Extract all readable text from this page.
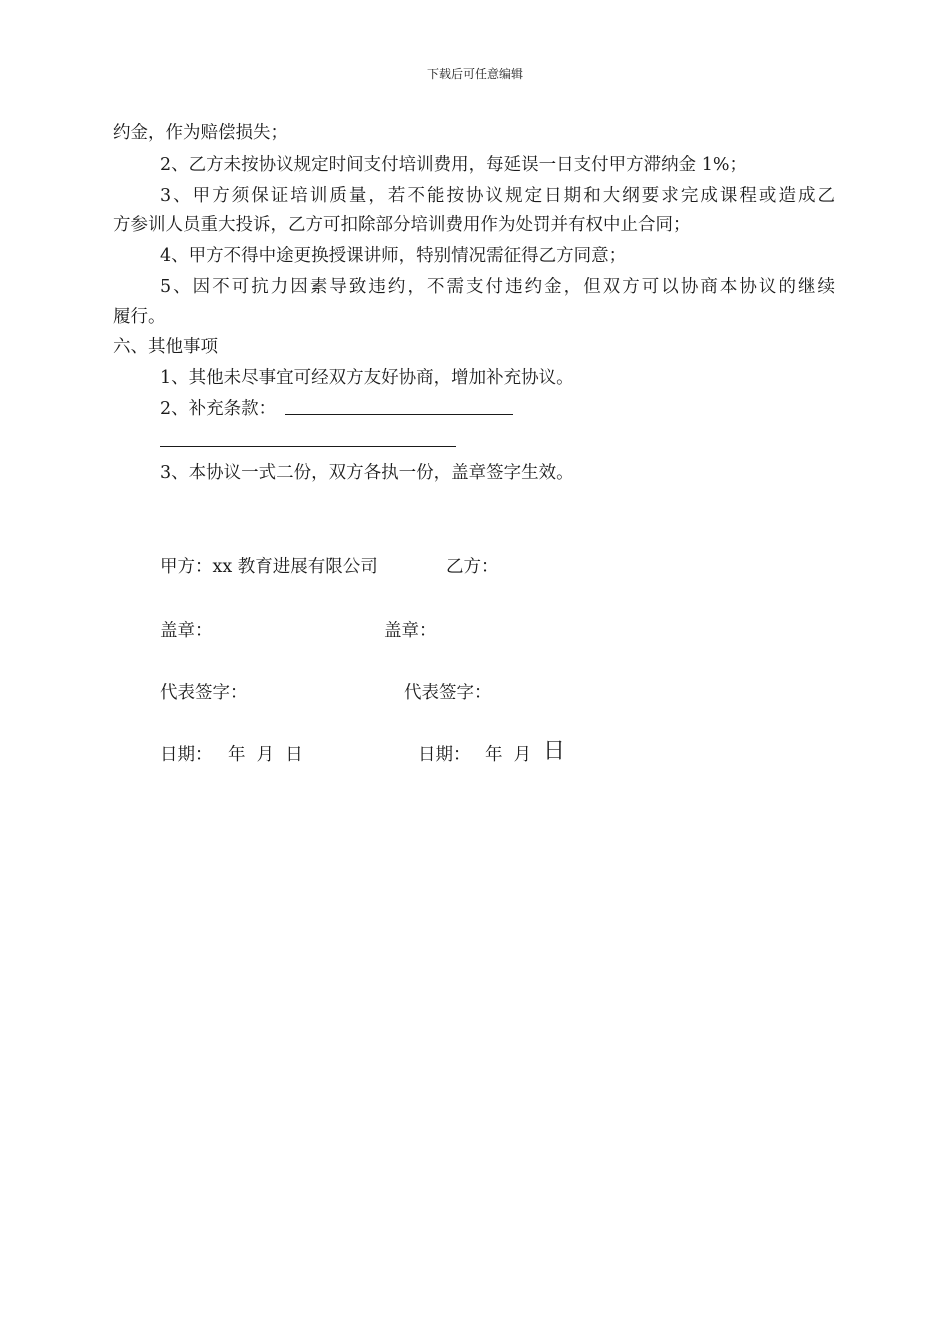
下载后可任意编辑
约金，作为赔偿损失；
2、乙方未按协议规定时间支付培训费用，每延误一日支付甲方滞纳金 1%；
3、甲方须保证培训质量，若不能按协议规定日期和大纲要求完成课程或造成乙
方参训人员重大投诉，乙方可扣除部分培训费用作为处罚并有权中止合同；
4、甲方不得中途更换授课讲师，特别情况需征得乙方同意；
5、因不可抗力因素导致违约，不需支付违约金，但双方可以协商本协议的继续
履行。
六、其他事项
1、其他未尽事宜可经双方友好协商，增加补充协议。
2、补充条款：
3、本协议一式二份，双方各执一份，盖章签字生效。
甲方：xx 教育进展有限公司	乙方：
盖章：	盖章：
代表签字：	代表签字：
日期： 年  月  日	日期： 年  月 日
